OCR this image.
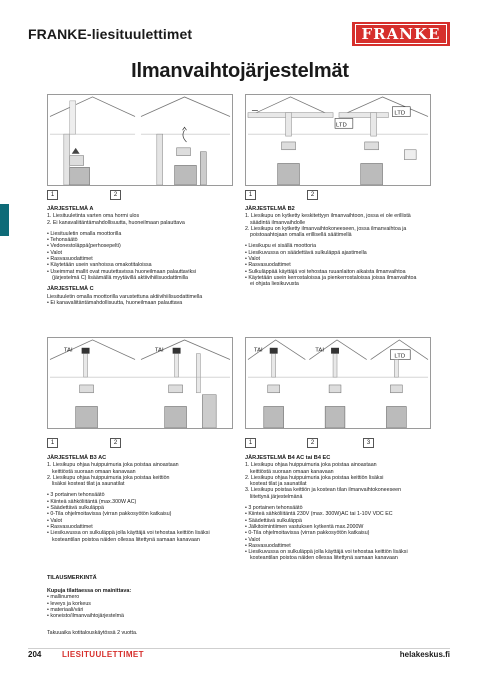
FRANKE-liesituulettimet	FRANKE
Ilmanvaihtojärjestelmät
1	2
LTD
LTD
1	2
JÄRJESTELMÄ A

1. Liesituuletinta varten oma hormi ulos

2. Ei kanavaliitäntämahdollisuutta, huoneilmaan palauttava

• Liesituuletin omalla moottorilla
• Tehonsäätö
• Vedonestoläppä(perhosepelti)
• Valot
• Rasvasuodattimet
• Käytetään usein vanhoissa omakotitaloissa
• Useimmat mallit ovat muutettavissa huoneilmaan palauttaviksi

(järjestelmä C) lisäämällä myytävillä aktiivihiilisuodattimilla

JÄRJESTELMÄ C

Liesituuletin omalla moottorilla varustettuna aktiivihiilisuodattimella

• Ei kanavaliitäntämahdollisuutta, huoneilmaan palauttava
JÄRJESTELMÄ B2

1. Liesikupu on kytketty keskitettyyn ilmanvaihtoon, jossa ei ole erillistä

säädintä ilmanvaihdolle

2. Liesikupu on kytketty ilmanvaihtokoneeseen, jossa ilmanvaihtoa ja

poistoaahtojaan omalla erillisellä säätimellä

• Liesikupu ei sisällä moottoria
• Liesikuvussa on säädettävä sulkuläppä ajastimella
• Valot
• Rasvasuodattimet
• Sulkuläppää käyttäjä voi tehostaa ruuanlaiton aikaista ilmanvaihtoa
• Käytetään usein kerrostaloissa ja pienkerrostaloissa joissa ilmanvaihtoa

ei ohjata liesikuvusta

TAI	TAI
1	2
TAI	TAI
LTD
1	2	3
JÄRJESTELMÄ B3 AC

1. Liesikupu ohjaa huippuimuria joka poistaa ainoastaan

keittiöstä suoraan omaan kanavaan

2. Liesikupu ohjaa huippuimuria joka poistaa keittiön

lisäksi kosteat tilat ja saunatilat

• 3 portainen tehonsäätö
• Kiinteä sähköliitäntä (max.300W AC)
• Säädettävä sulkuläppä
• 0-Tila ohjelmoitavissa (virran pakkosyötön katkaisu)
• Valot
• Rasvasuodattimet
• Liesikuvussa on sulkuläppä jolla käyttäjä voi tehostaa keittiön lisäksi

kosteantilan poistoa näiden ollessa liitettynä samaan kanavaan

JÄRJESTELMÄ B4 AC tai B4 EC

1. Liesikupu ohjaa huippuimuria joka poistaa ainoastaan

keittiöstä suoraan omaan kanavaan

2. Liesikupu ohjaa huippuimuria joka poistaa keittiön lisäksi

kosteat tilat ja saunatilat

3. Liesikupu poistaa keittiön ja kostean tilan ilmanvaihtokoneeseen

liitettynä järjestelmänä

• 3 portainen tehonsäätö
• Kiinteä sähköliitäntä 230V (max. 300W)AC tai 1-10V VDC EC
• Säädettävä sulkuläppä
• Jälkitoimintiimen vastuksen kytkentä max.2000W
• 0-Tila ohjelmoitavissa (virran pakkosyötön katkaisu)
• Valot
• Rasvasuodattimet
• Liesikuvussa on sulkuläppä jolla käyttäjä voi tehostaa keittiön lisäksi

kosteantilan poistoa näiden ollessa liitettynä samaan kanavaan

TILAUSMERKINTÄ
Kupuja tilattaessa on mainittava:
• mallinumero
• leveys ja korkeus
• materiaali/väri
• koneisto/ilmanvaihtojärjestelmä
Takuuaika kotitalouskäytössä 2 vuotta.
204	LIESITUULETTIMET	helakeskus.fi
